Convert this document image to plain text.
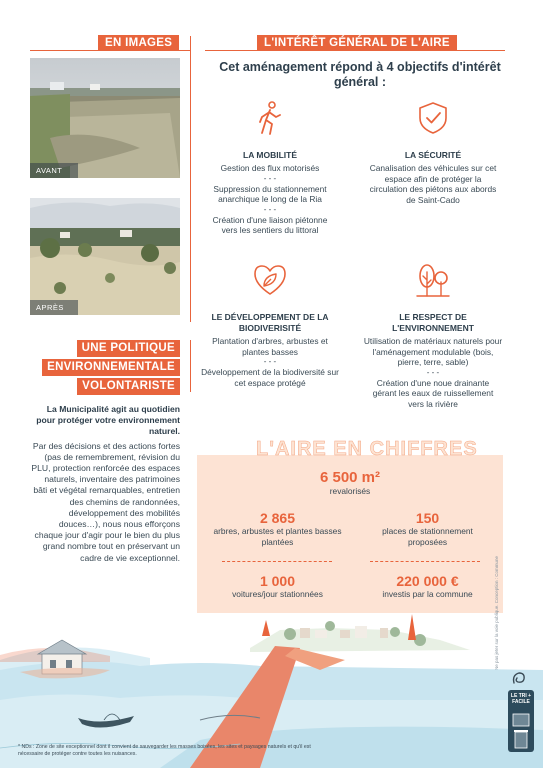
EN IMAGES
AVANT
APRÈS
UNE POLITIQUE
ENVIRONNEMENTALE
VOLONTARISTE
La Municipalité agit au quotidien pour protéger votre environnement naturel.
Par des décisions et des actions fortes (pas de remembrement, révision du PLU, protection renforcée des espaces naturels, inventaire des patrimoines bâti et végétal remarquables, entretien des chemins de randonnées, développement des mobilités douces…), nous nous efforçons chaque jour d'agir pour le bien du plus grand nombre tout en préservant un cadre de vie exceptionnel.
L'INTÉRÊT GÉNÉRAL DE L'AIRE
Cet aménagement répond à 4 objectifs d'intérêt général :
LA MOBILITÉ

Gestion des flux motorisés

- - -

Suppression du stationnement anarchique le long de la Ria

- - -

Création d'une liaison piétonne vers les sentiers du littoral

LA SÉCURITÉ

Canalisation des véhicules sur cet espace afin de protéger la circulation des piétons aux abords de Saint-Cado

LE DÉVELOPPEMENT DE LA BIODIVERISITÉ

Plantation d'arbres, arbustes et plantes basses

- - -

Développement de la biodiversité sur cet espace protégé

LE RESPECT DE L'ENVIRONNEMENT

Utilisation de matériaux naturels pour l'aménagement modulable (bois, pierre, terre, sable)

- - -

Création d'une noue drainante gérant les eaux de ruissellement vers la rivière

L'AIRE EN CHIFFRES
6 500 m²
revalorisés
2 865
arbres, arbustes et plantes basses plantées
150
places de stationnement proposées
1 000
voitures/jour stationnées
220 000 €
investis par la commune	Ne pas jeter sur la voie publique. Conception : Commune
LE TRI + FACILE
* NDs : Zone de site exceptionnel dont il convient de sauvegarder les masses boisées, les sites et paysages naturels et qu'il est nécessaire de protéger contre toutes les nuisances.
